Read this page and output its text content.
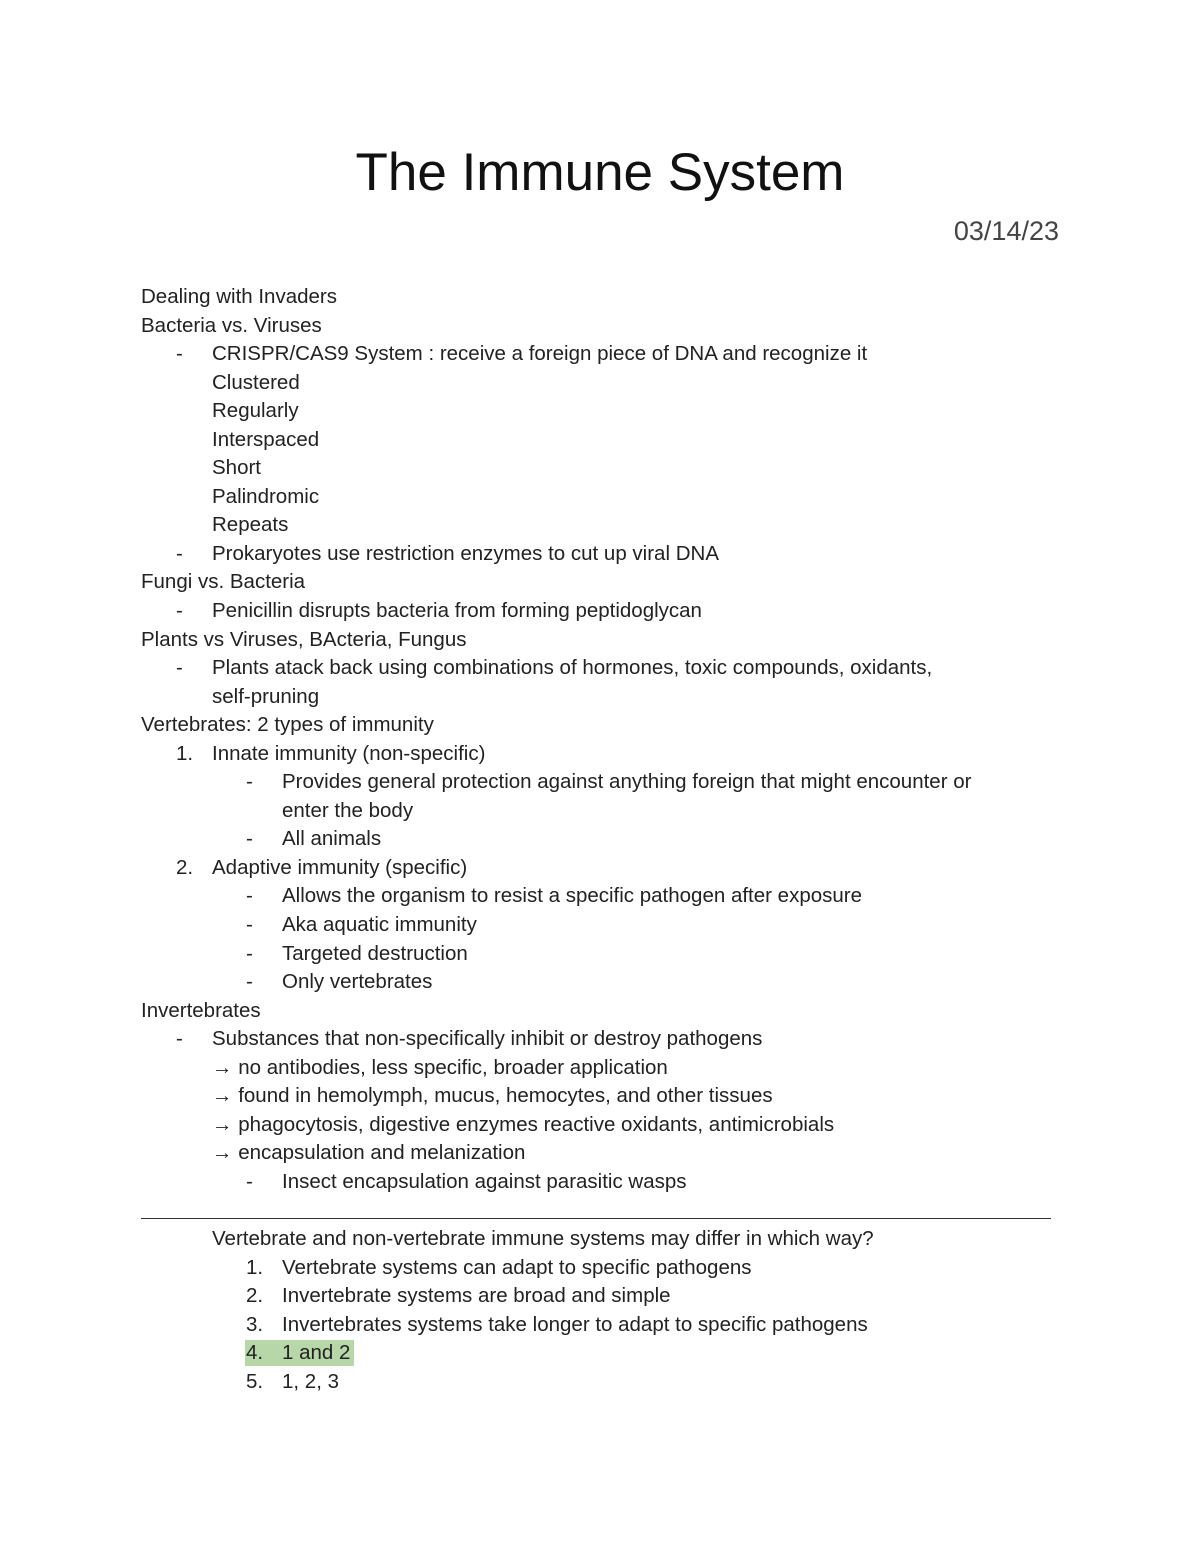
The Immune System
03/14/23
Dealing with Invaders
Bacteria vs. Viruses
- CRISPR/CAS9 System : receive a foreign piece of DNA and recognize it
Clustered
Regularly
Interspaced
Short
Palindromic
Repeats
- Prokaryotes use restriction enzymes to cut up viral DNA
Fungi vs. Bacteria
- Penicillin disrupts bacteria from forming peptidoglycan
Plants vs Viruses, BActeria, Fungus
- Plants atack back using combinations of hormones, toxic compounds, oxidants,
self-pruning
Vertebrates: 2 types of immunity
1. Innate immunity (non-specific)
- Provides general protection against anything foreign that might encounter or
enter the body
- All animals
2. Adaptive immunity (specific)
- Allows the organism to resist a specific pathogen after exposure
- Aka aquatic immunity
- Targeted destruction
- Only vertebrates
Invertebrates
- Substances that non-specifically inhibit or destroy pathogens
→ no antibodies, less specific, broader application
→ found in hemolymph, mucus, hemocytes, and other tissues
→ phagocytosis, digestive enzymes reactive oxidants, antimicrobials
→ encapsulation and melanization
- Insect encapsulation against parasitic wasps
Vertebrate and non-vertebrate immune systems may differ in which way?
1. Vertebrate systems can adapt to specific pathogens
2. Invertebrate systems are broad and simple
3. Invertebrates systems take longer to adapt to specific pathogens
4. 1 and 2
5. 1, 2, 3
